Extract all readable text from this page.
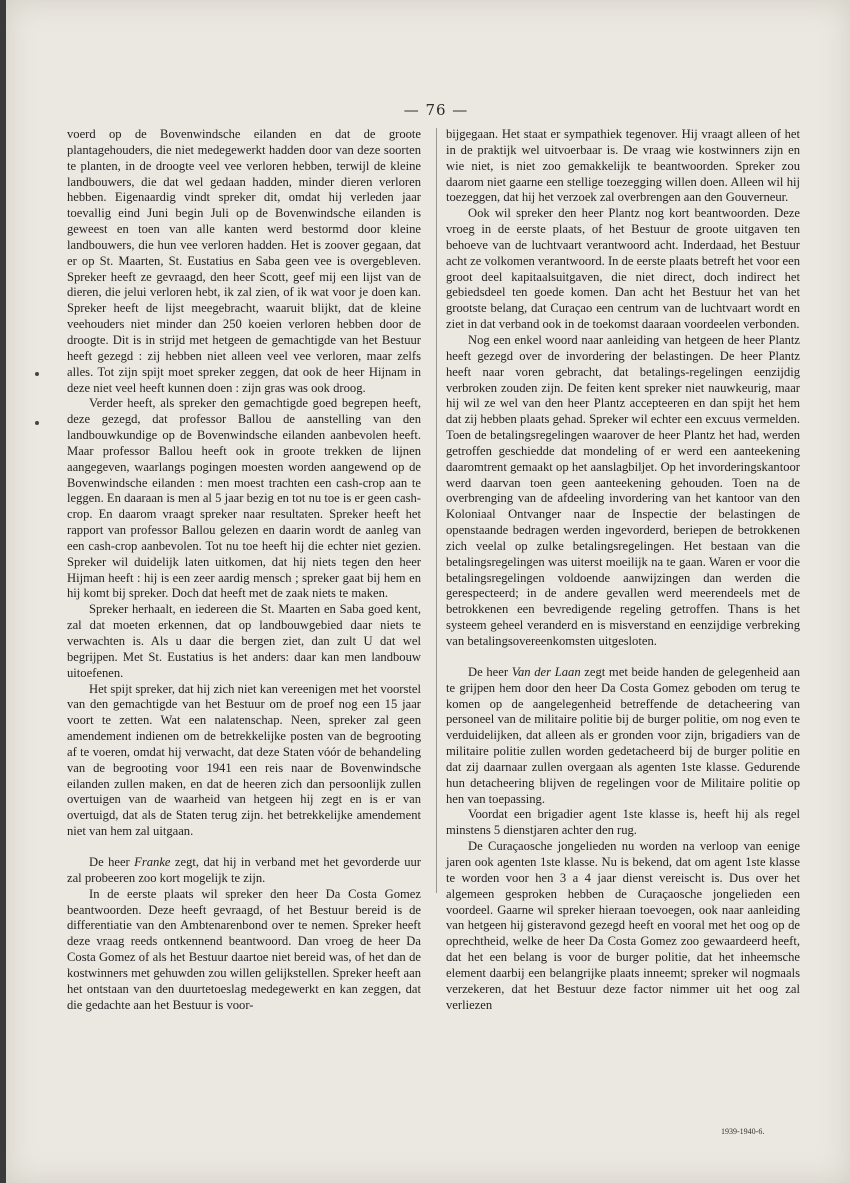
— 76 —

voerd op de Bovenwindsche eilanden en dat de groote plantagehouders, die niet medegewerkt hadden door van deze soorten te planten, in de droogte veel vee verloren hebben, terwijl de kleine landbouwers, die dat wel gedaan hadden, minder dieren verloren hebben. Eigenaardig vindt spreker dit, omdat hij verleden jaar toevallig eind Juni begin Juli op de Bovenwindsche eilanden is geweest en toen van alle kanten werd bestormd door kleine landbouwers, die hun vee verloren hadden. Het is zoover gegaan, dat er op St. Maarten, St. Eustatius en Saba geen vee is overgebleven. Spreker heeft ze gevraagd, den heer Scott, geef mij een lijst van de dieren, die jelui verloren hebt, ik zal zien, of ik wat voor je doen kan. Spreker heeft de lijst meegebracht, waaruit blijkt, dat de kleine veehouders niet minder dan 250 koeien verloren hebben door de droogte. Dit is in strijd met hetgeen de gemachtigde van het Bestuur heeft gezegd : zij hebben niet alleen veel vee verloren, maar zelfs alles. Tot zijn spijt moet spreker zeggen, dat ook de heer Hijnam in deze niet veel heeft kunnen doen : zijn gras was ook droog.

Verder heeft, als spreker den gemachtigde goed begrepen heeft, deze gezegd, dat professor Ballou de aanstelling van den landbouwkundige op de Bovenwindsche eilanden aanbevolen heeft. Maar professor Ballou heeft ook in groote trekken de lijnen aangegeven, waarlangs pogingen moesten worden aangewend op de Bovenwindsche eilanden : men moest trachten een cash-crop aan te leggen. En daaraan is men al 5 jaar bezig en tot nu toe is er geen cash-crop. En daarom vraagt spreker naar resultaten. Spreker heeft het rapport van professor Ballou gelezen en daarin wordt de aanleg van een cash-crop aanbevolen. Tot nu toe heeft hij die echter niet gezien. Spreker wil duidelijk laten uitkomen, dat hij niets tegen den heer Hijman heeft : hij is een zeer aardig mensch ; spreker gaat bij hem en hij komt bij spreker. Doch dat heeft met de zaak niets te maken.

Spreker herhaalt, en iedereen die St. Maarten en Saba goed kent, zal dat moeten erkennen, dat op landbouwgebied daar niets te verwachten is. Als u daar die bergen ziet, dan zult U dat wel begrijpen. Met St. Eustatius is het anders: daar kan men landbouw uitoefenen.

Het spijt spreker, dat hij zich niet kan vereenigen met het voorstel van den gemachtigde van het Bestuur om de proef nog een 15 jaar voort te zetten. Wat een nalatenschap. Neen, spreker zal geen amendement indienen om de betrekkelijke posten van de begrooting af te voeren, omdat hij verwacht, dat deze Staten vóór de behandeling van de begrooting voor 1941 een reis naar de Bovenwindsche eilanden zullen maken, en dat de heeren zich dan persoonlijk zullen overtuigen van de waarheid van hetgeen hij zegt en is er van overtuigd, dat als de Staten terug zijn. het betrekkelijke amendement niet van hem zal uitgaan.

De heer Franke zegt, dat hij in verband met het gevorderde uur zal probeeren zoo kort mogelijk te zijn.

In de eerste plaats wil spreker den heer Da Costa Gomez beantwoorden. Deze heeft gevraagd, of het Bestuur bereid is de differentiatie van den Ambtenarenbond over te nemen. Spreker heeft deze vraag reeds ontkennend beantwoord. Dan vroeg de heer Da Costa Gomez of als het Bestuur daartoe niet bereid was, of het dan de kostwinners met gehuwden zou willen gelijkstellen. Spreker heeft aan het ontstaan van den duurtetoeslag medegewerkt en kan zeggen, dat die gedachte aan het Bestuur is voor-

bijgegaan. Het staat er sympathiek tegenover. Hij vraagt alleen of het in de praktijk wel uitvoerbaar is. De vraag wie kostwinners zijn en wie niet, is niet zoo gemakkelijk te beantwoorden. Spreker zou daarom niet gaarne een stellige toezegging willen doen. Alleen wil hij toezeggen, dat hij het verzoek zal overbrengen aan den Gouverneur.

Ook wil spreker den heer Plantz nog kort beantwoorden. Deze vroeg in de eerste plaats, of het Bestuur de groote uitgaven ten behoeve van de luchtvaart verantwoord acht. Inderdaad, het Bestuur acht ze volkomen verantwoord. In de eerste plaats betreft het voor een groot deel kapitaalsuitgaven, die niet direct, doch indirect het gebiedsdeel ten goede komen. Dan acht het Bestuur het van het grootste belang, dat Curaçao een centrum van de luchtvaart wordt en ziet in dat verband ook in de toekomst daaraan voordeelen verbonden.

Nog een enkel woord naar aanleiding van hetgeen de heer Plantz heeft gezegd over de invordering der belastingen. De heer Plantz heeft naar voren gebracht, dat betalings-regelingen eenzijdig verbroken zouden zijn. De feiten kent spreker niet nauwkeurig, maar hij wil ze wel van den heer Plantz accepteeren en dan spijt het hem dat zij hebben plaats gehad. Spreker wil echter een excuus vermelden. Toen de betalingsregelingen waarover de heer Plantz het had, werden getroffen geschiedde dat mondeling of er werd een aanteekening daaromtrent gemaakt op het aanslagbiljet. Op het invorderingskantoor werd daarvan toen geen aanteekening gehouden. Toen na de overbrenging van de afdeeling invordering van het kantoor van den Koloniaal Ontvanger naar de Inspectie der belastingen de openstaande bedragen werden ingevorderd, beriepen de betrokkenen zich veelal op zulke betalingsregelingen. Het bestaan van die betalingsregelingen was uiterst moeilijk na te gaan. Waren er voor die betalingsregelingen voldoende aanwijzingen dan werden die gerespecteerd; in de andere gevallen werd meerendeels met de betrokkenen een bevredigende regeling getroffen. Thans is het systeem geheel veranderd en is misverstand en eenzijdige verbreking van betalingsovereenkomsten uitgesloten.

De heer Van der Laan zegt met beide handen de gelegenheid aan te grijpen hem door den heer Da Costa Gomez geboden om terug te komen op de aangelegenheid betreffende de detacheering van personeel van de militaire politie bij de burger politie, om nog even te verduidelijken, dat alleen als er gronden voor zijn, brigadiers van de militaire politie zullen worden gedetacheerd bij de burger politie en dat zij daarnaar zullen overgaan als agenten 1ste klasse. Gedurende hun detacheering blijven de regelingen voor de Militaire politie op hen van toepassing.

Voordat een brigadier agent 1ste klasse is, heeft hij als regel minstens 5 dienstjaren achter den rug.

De Curaçaosche jongelieden nu worden na verloop van eenige jaren ook agenten 1ste klasse. Nu is bekend, dat om agent 1ste klasse te worden voor hen 3 a 4 jaar dienst vereischt is. Dus over het algemeen gesproken hebben de Curaçaosche jongelieden een voordeel. Gaarne wil spreker hieraan toevoegen, ook naar aanleiding van hetgeen hij gisteravond gezegd heeft en vooral met het oog op de oprechtheid, welke de heer Da Costa Gomez zoo gewaardeerd heeft, dat het een belang is voor de burger politie, dat het inheemsche element daarbij een belangrijke plaats inneemt; spreker wil nogmaals verzekeren, dat het Bestuur deze factor nimmer uit het oog zal verliezen

1939-1940-6.
